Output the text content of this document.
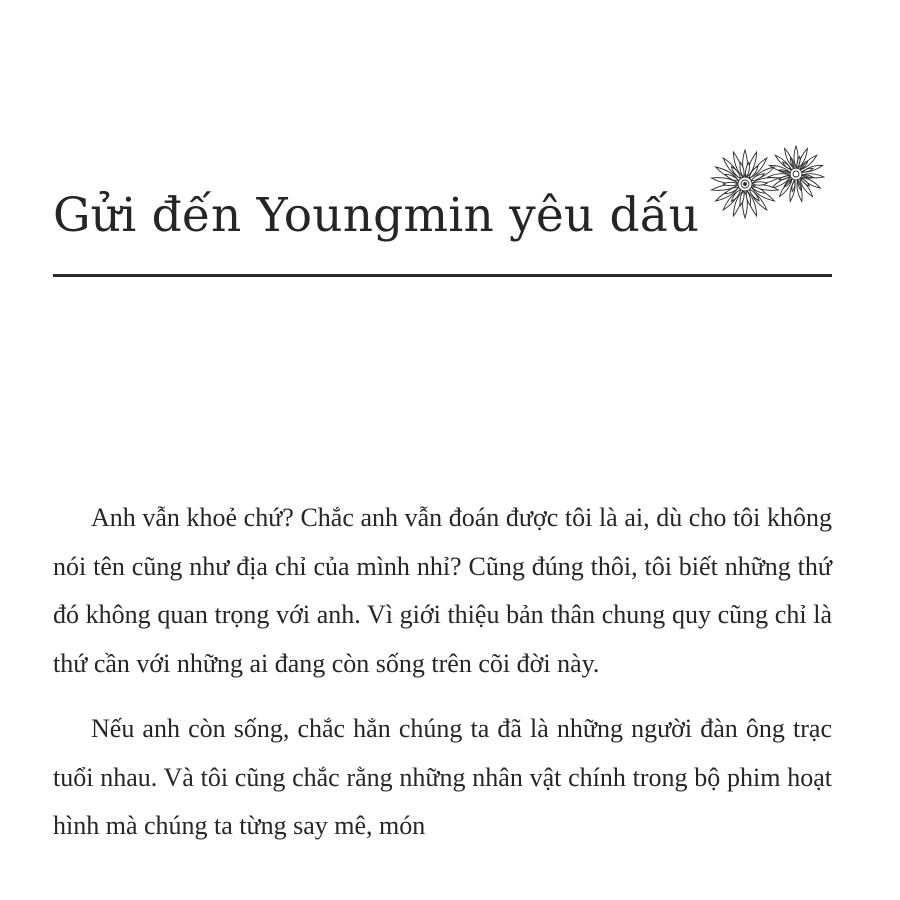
Gửi đến Youngmin yêu dấu

Anh vẫn khoẻ chứ? Chắc anh vẫn đoán được tôi là ai, dù cho tôi không nói tên cũng như địa chỉ của mình nhỉ? Cũng đúng thôi, tôi biết những thứ đó không quan trọng với anh. Vì giới thiệu bản thân chung quy cũng chỉ là thứ cần với những ai đang còn sống trên cõi đời này.

Nếu anh còn sống, chắc hẳn chúng ta đã là những người đàn ông trạc tuổi nhau. Và tôi cũng chắc rằng những nhân vật chính trong bộ phim hoạt hình mà chúng ta từng say mê, món
